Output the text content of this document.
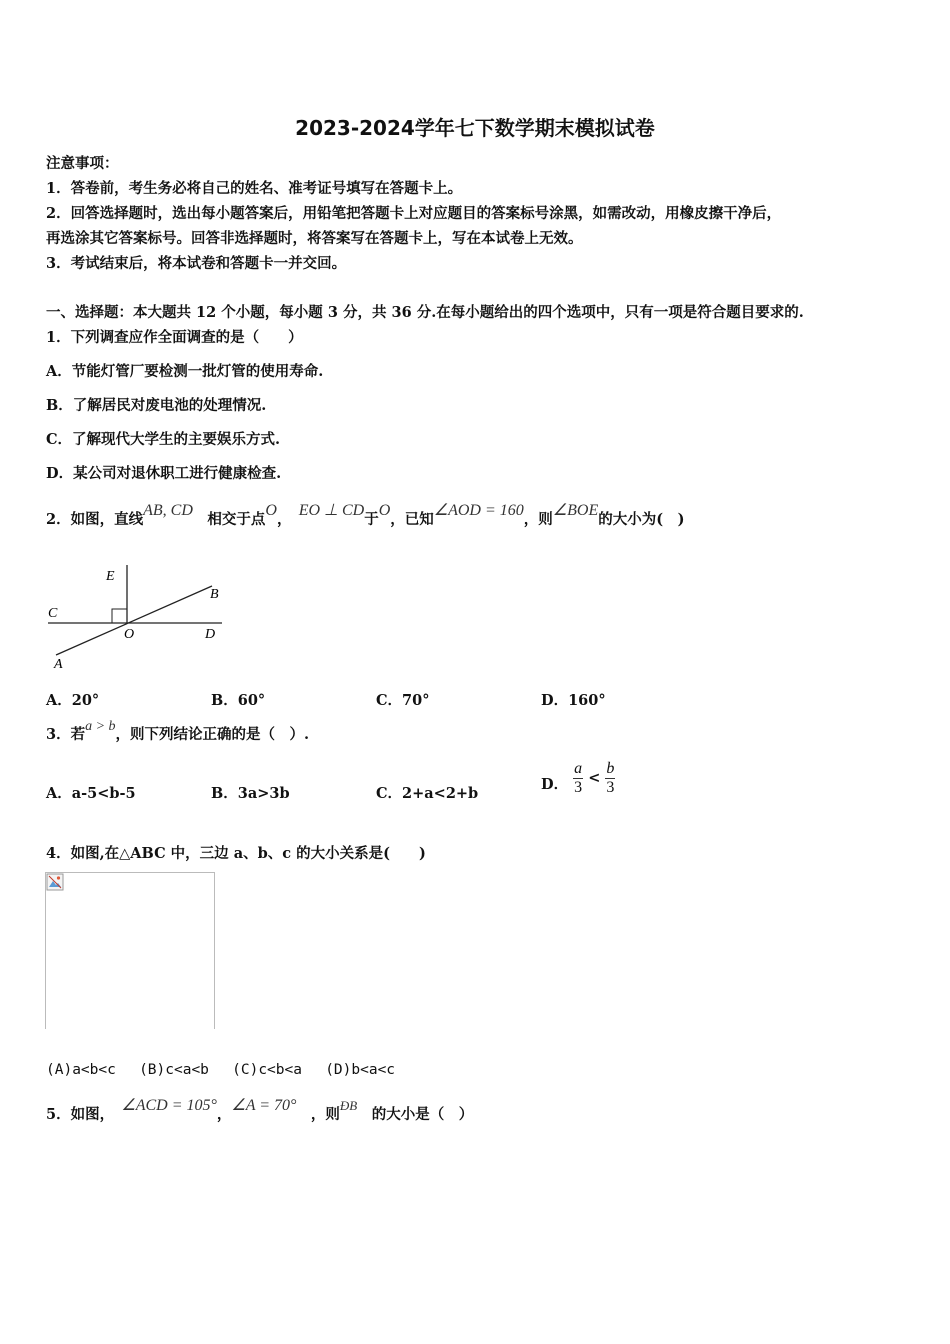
2023-2024学年七下数学期末模拟试卷
注意事项：
1．答卷前，考生务必将自己的姓名、准考证号填写在答题卡上。
2．回答选择题时，选出每小题答案后，用铅笔把答题卡上对应题目的答案标号涂黑，如需改动，用橡皮擦干净后，
再选涂其它答案标号。回答非选择题时，将答案写在答题卡上，写在本试卷上无效。
3．考试结束后，将本试卷和答题卡一并交回。
一、选择题：本大题共 12 个小题，每小题 3 分，共 36 分.在每小题给出的四个选项中，只有一项是符合题目要求的.
1．下列调查应作全面调查的是（　　）
A．节能灯管厂要检测一批灯管的使用寿命.
B．了解居民对废电池的处理情况.
C．了解现代大学生的主要娱乐方式.
D．某公司对退休职工进行健康检查.
2．如图，直线AB, CD　相交于点O，　EO ⊥ CD于O，已知∠AOD = 160，则∠BOE的大小为(　)
E
C
O	D
B
A
A．20°	B．60°	C．70°	D．160°
3．若a > b，则下列结论正确的是（　）.
A．a-5<b-5	B．3a>3b	C．2+a<2+b
D． $\frac{a}{3} < \frac{b}{3}$
4．如图,在△ABC 中，三边 a、b、c 的大小关系是(　　)
(A)a<b<c　 (B)c<a<b　 (C)c<b<a　 (D)b<a<c
5．如图，　∠ACD = 105°，∠A = 70°　，则ÐB　的大小是（　）
